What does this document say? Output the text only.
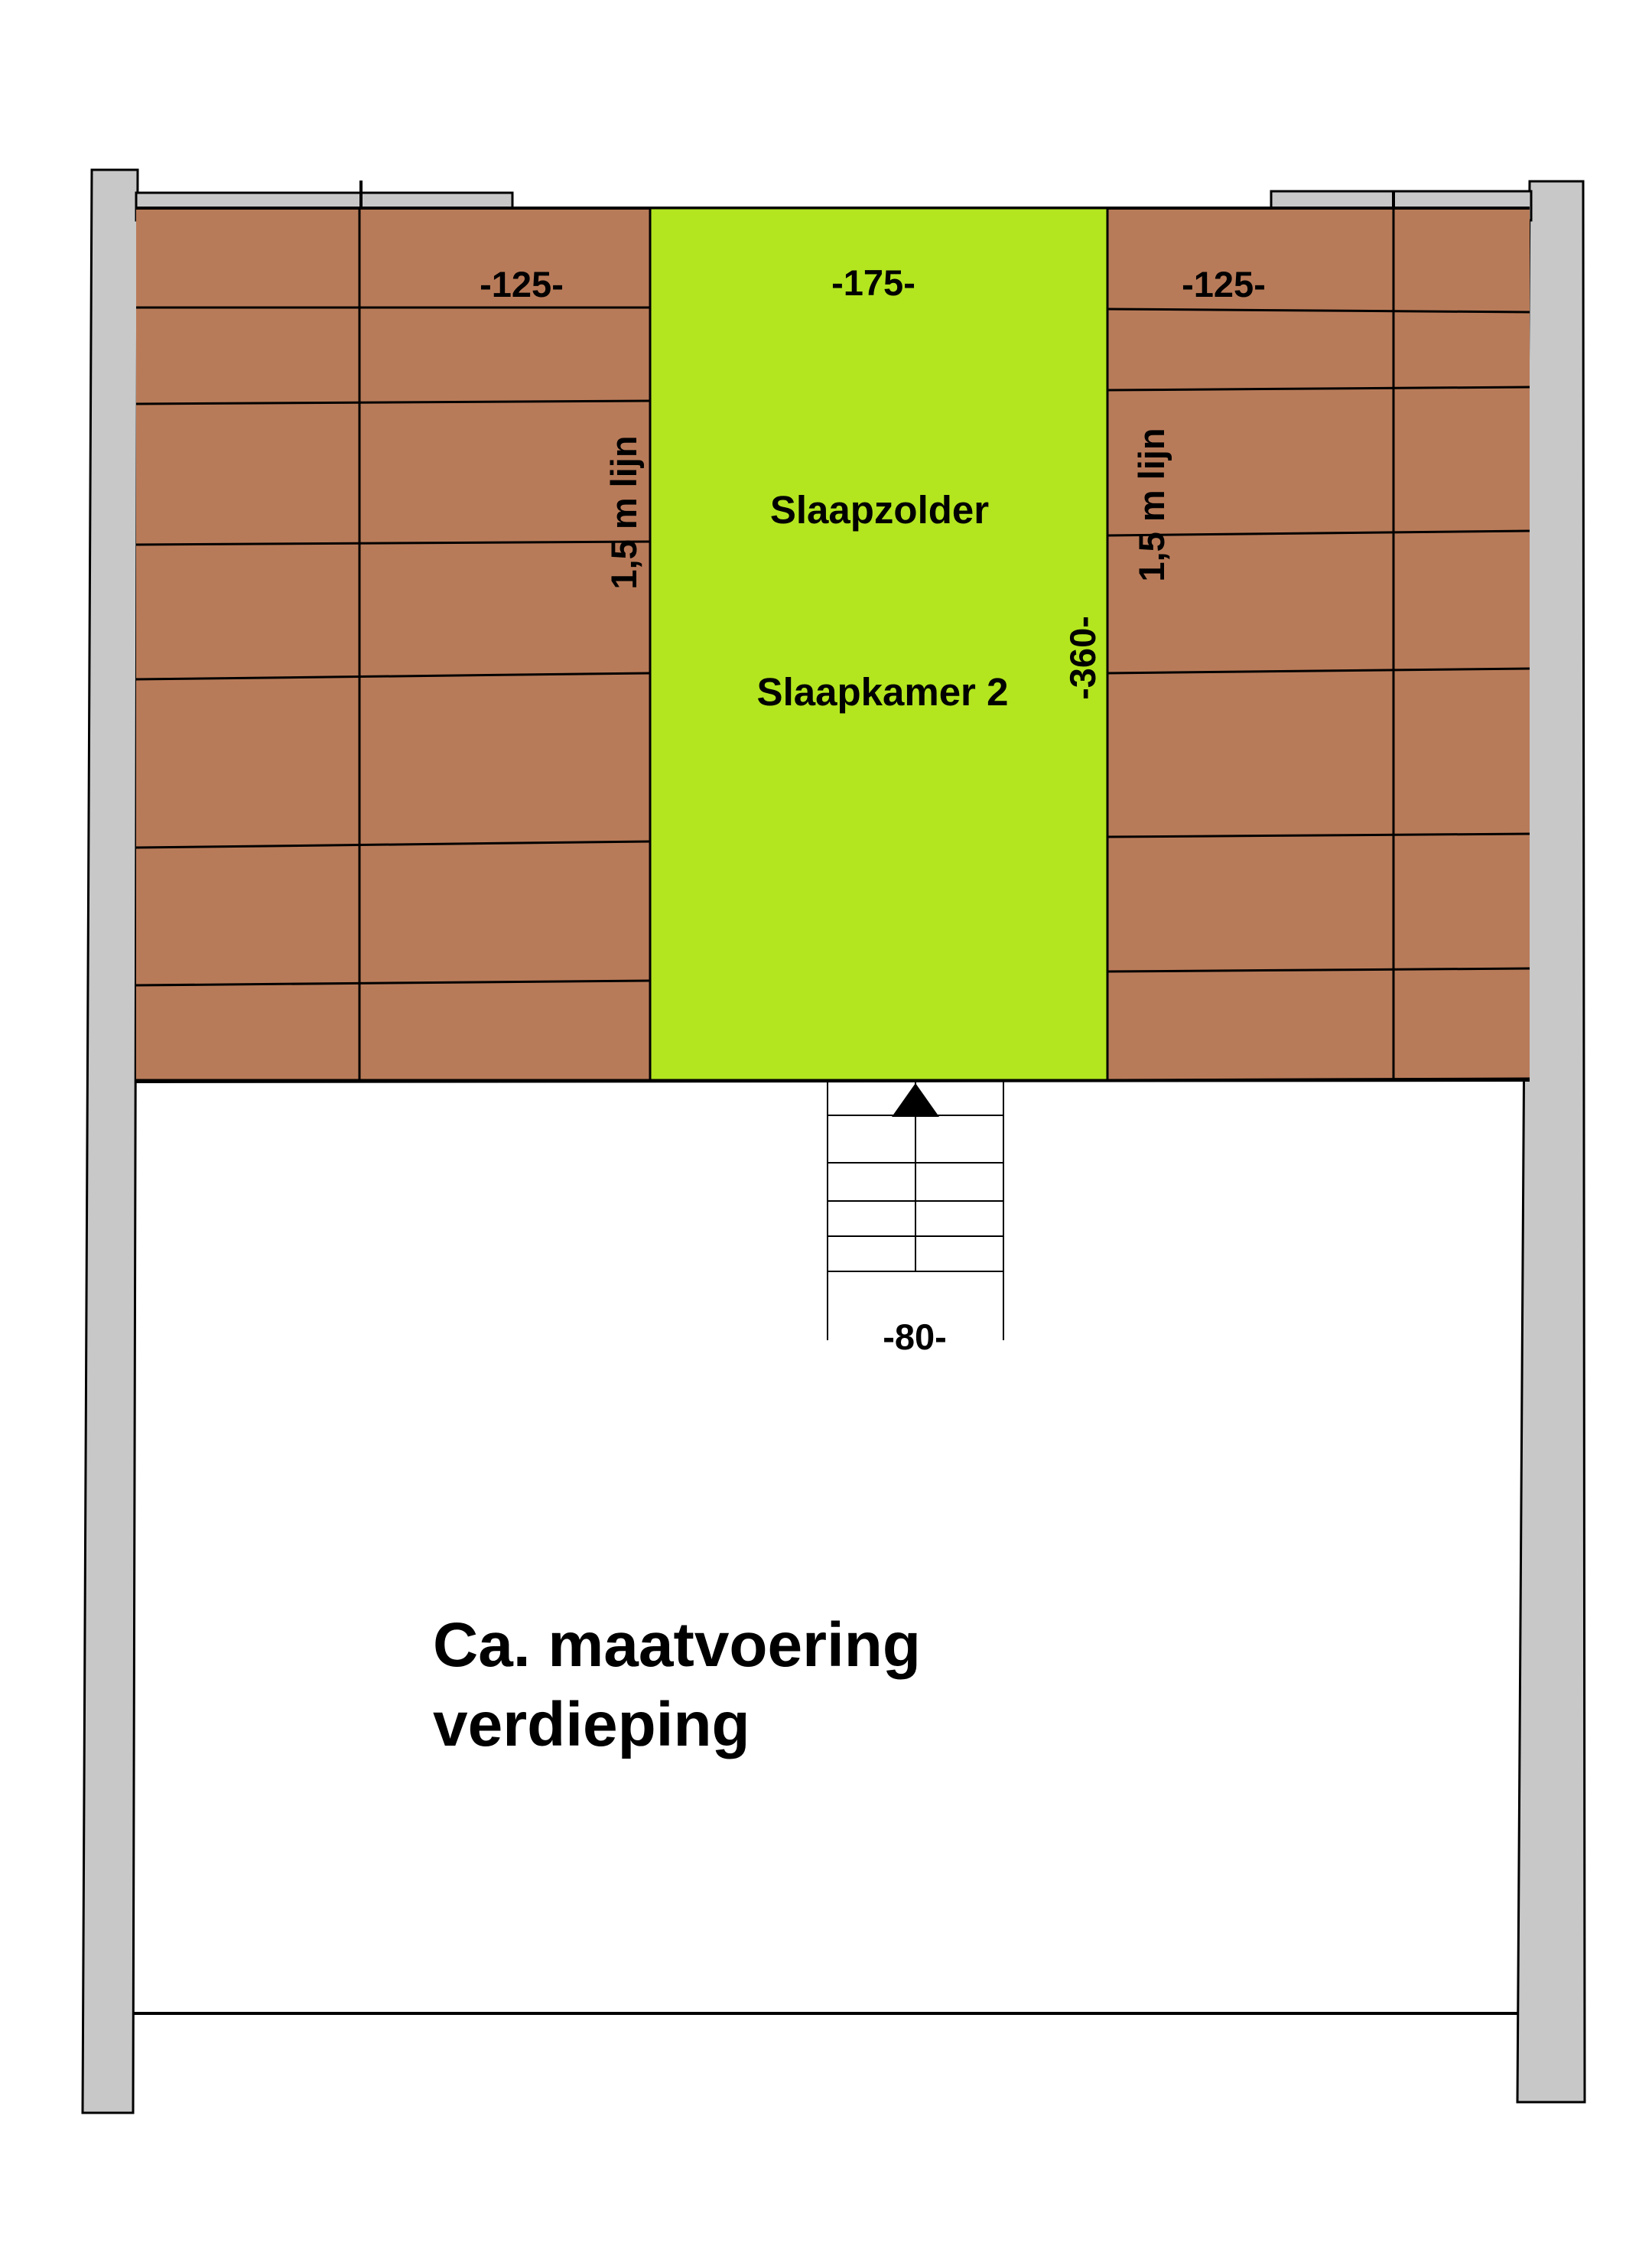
-125-	-175-	-125-
-80-
-360-
1,5 m lijn	1,5 m lijn
Slaapzolder
Slaapkamer 2
Ca. maatvoering
verdieping
